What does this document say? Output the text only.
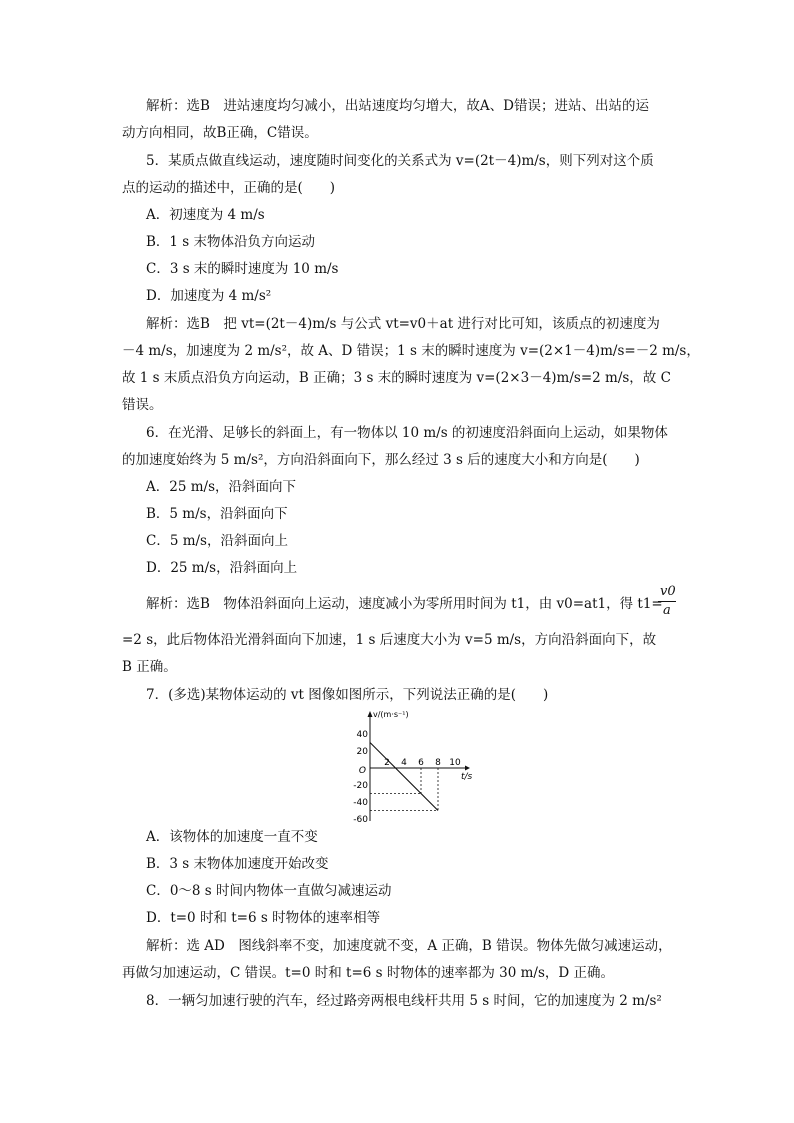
解析：选B　进站速度均匀减小，出站速度均匀增大，故A、D错误；进站、出站的运
动方向相同，故B正确，C错误。
5．某质点做直线运动，速度随时间变化的关系式为 v=(2t－4)m/s，则下列对这个质
点的运动的描述中，正确的是(　　)
A．初速度为 4 m/s
B．1 s 末物体沿负方向运动
C．3 s 末的瞬时速度为 10 m/s
D．加速度为 4 m/s²
解析：选B　把 vt=(2t－4)m/s 与公式 vt=v0＋at 进行对比可知，该质点的初速度为
－4 m/s，加速度为 2 m/s²，故 A、D 错误；1 s 末的瞬时速度为 v=(2×1－4)m/s=－2 m/s，
故 1 s 末质点沿负方向运动，B 正确；3 s 末的瞬时速度为 v=(2×3－4)m/s=2 m/s，故 C
错误。
6．在光滑、足够长的斜面上，有一物体以 10 m/s 的初速度沿斜面向上运动，如果物体
的加速度始终为 5 m/s²，方向沿斜面向下，那么经过 3 s 后的速度大小和方向是(　　)
A．25 m/s，沿斜面向下
B．5 m/s，沿斜面向下
C．5 m/s，沿斜面向上
D．25 m/s，沿斜面向上
解析：选B　物体沿斜面向上运动，速度减小为零所用时间为 t1，由 v0=at1，得 t1=
v0
a
=2 s，此后物体沿光滑斜面向下加速，1 s 后速度大小为 v=5 m/s，方向沿斜面向下，故
B 正确。
7．(多选)某物体运动的 vt 图像如图所示，下列说法正确的是(　　)
2 4 6 8 10
40
20
-20
-40
-60
O
v/(m·s⁻¹)
t/s
A．该物体的加速度一直不变
B．3 s 末物体加速度开始改变
C．0～8 s 时间内物体一直做匀减速运动
D．t=0 时和 t=6 s 时物体的速率相等
解析：选 AD　图线斜率不变，加速度就不变，A 正确，B 错误。物体先做匀减速运动，
再做匀加速运动，C 错误。t=0 时和 t=6 s 时物体的速率都为 30 m/s，D 正确。
8．一辆匀加速行驶的汽车，经过路旁两根电线杆共用 5 s 时间，它的加速度为 2 m/s²
